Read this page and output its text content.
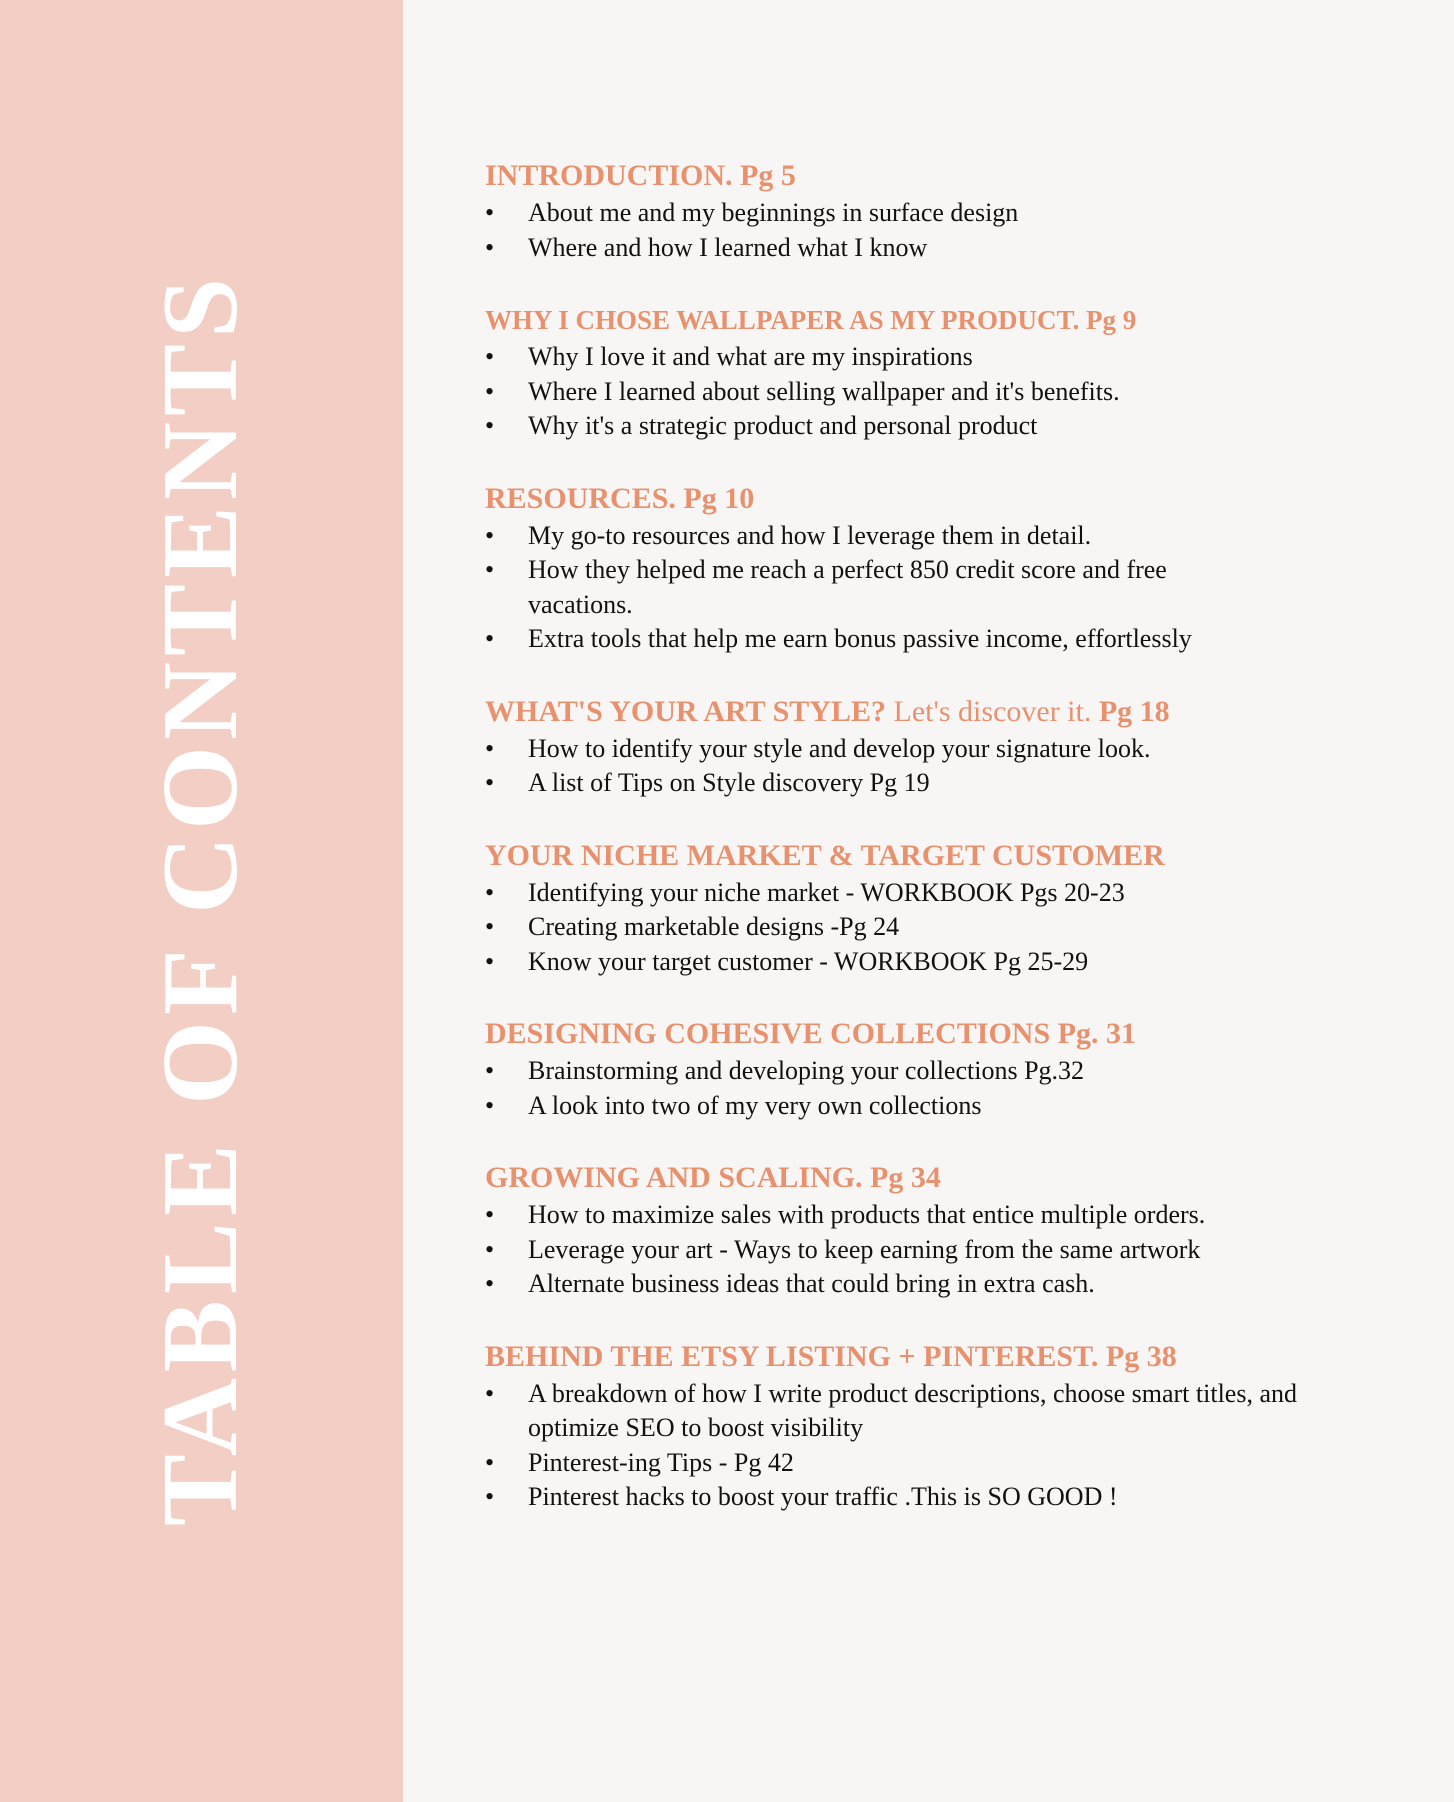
TABLE OF CONTENTS
INTRODUCTION. Pg 5
• About me and my beginnings in surface design
• Where and how I learned what I know
WHY I CHOSE WALLPAPER AS MY PRODUCT. Pg 9
• Why I love it and what are my inspirations
• Where I learned about selling wallpaper and it's benefits.
• Why it's a strategic product and personal product
RESOURCES. Pg 10
• My go-to resources and how I leverage them in detail.
• How they helped me reach a perfect 850 credit score and free vacations.
• Extra tools that help me earn bonus passive income, effortlessly
WHAT'S YOUR ART STYLE? Let's discover it. Pg 18
• How to identify your style and develop your signature look.
• A list of Tips on Style discovery Pg 19
YOUR NICHE MARKET & TARGET CUSTOMER
• Identifying your niche market - WORKBOOK Pgs 20-23
• Creating marketable designs -Pg 24
• Know your target customer - WORKBOOK Pg 25-29
DESIGNING COHESIVE COLLECTIONS Pg. 31
• Brainstorming and developing your collections Pg.32
• A look into two of my very own collections
GROWING AND SCALING. Pg 34
• How to maximize sales with products that entice multiple orders.
• Leverage your art - Ways to keep earning from the same artwork
• Alternate business ideas that could bring in extra cash.
BEHIND THE ETSY LISTING + PINTEREST. Pg 38
• A breakdown of how I write product descriptions, choose smart titles, and optimize SEO to boost visibility
• Pinterest-ing Tips - Pg 42
• Pinterest hacks to boost your traffic .This is SO GOOD !
